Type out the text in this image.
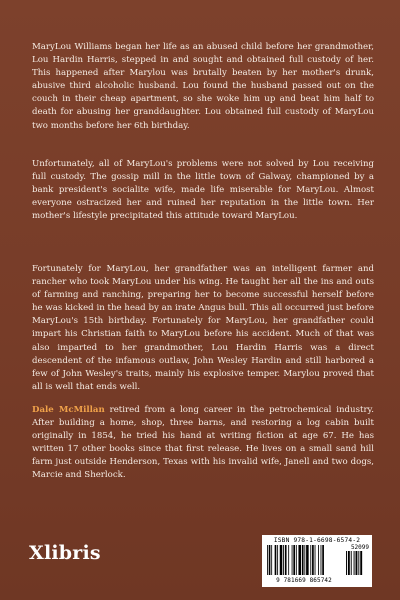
MaryLou Williams began her life as an abused child before her grandmother, Lou Hardin Harris, stepped in and sought and obtained full custody of her. This happened after Marylou was brutally beaten by her mother's drunk, abusive third alcoholic husband. Lou found the husband passed out on the couch in their cheap apartment, so she woke him up and beat him half to death for abusing her granddaughter. Lou obtained full custody of MaryLou two months before her 6th birthday.

Unfortunately, all of MaryLou's problems were not solved by Lou receiving full custody. The gossip mill in the little town of Galway, championed by a bank president's socialite wife, made life miserable for MaryLou. Almost everyone ostracized her and ruined her reputation in the little town. Her mother's lifestyle precipitated this attitude toward MaryLou.

Fortunately for MaryLou, her grandfather was an intelligent farmer and rancher who took MaryLou under his wing. He taught her all the ins and outs of farming and ranching, preparing her to become successful herself before he was kicked in the head by an irate Angus bull. This all occurred just before MaryLou's 15th birthday. Fortunately for MaryLou, her grandfather could impart his Christian faith to MaryLou before his accident. Much of that was also imparted to her grandmother, Lou Hardin Harris was a direct descendent of the infamous outlaw, John Wesley Hardin and still harbored a few of John Wesley's traits, mainly his explosive temper. Marylou proved that all is well that ends well.

Dale McMillan retired from a long career in the petrochemical industry. After building a home, shop, three barns, and restoring a log cabin built originally in 1854, he tried his hand at writing fiction at age 67. He has written 17 other books since that first release. He lives on a small sand hill farm just outside Henderson, Texas with his invalid wife, Janell and two dogs, Marcie and Sherlock.

Xlibris
ISBN 978-1-6698-6574-2
52099
9 781669 865742
